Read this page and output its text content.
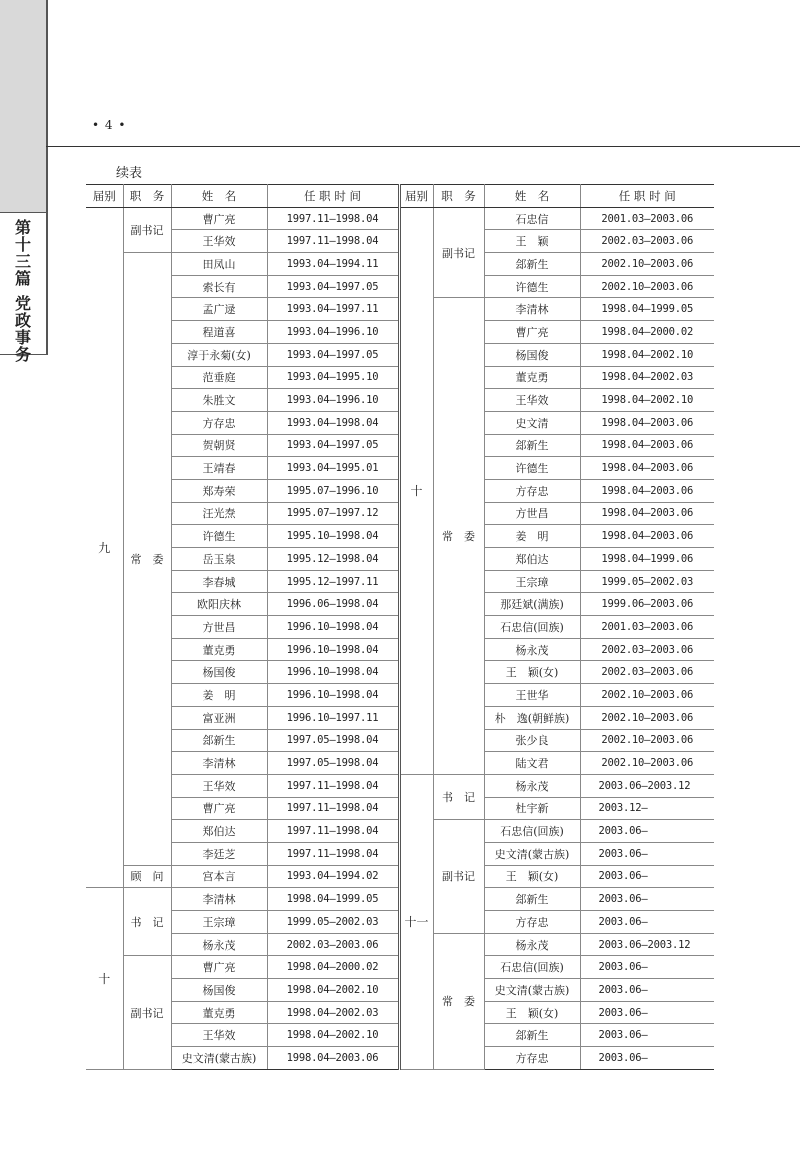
第
十
三
篇
党
政
事
务
• 4 •
续表
届别	职　务	姓　名	任 职 时 间	届别	职　务	姓　名	任 职 时 间
九	副书记	曹广亮	1997.11—1998.04	十	副书记	石忠信	2001.03—2003.06
		王华效	1997.11—1998.04			王　颖	2002.03—2003.06
	常　委	田凤山	1993.04—1994.11			郐新生	2002.10—2003.06
		索长有	1993.04—1997.05			许德生	2002.10—2003.06
		孟广逯	1993.04—1997.11		常　委	李清林	1998.04—1999.05
		程道喜	1993.04—1996.10			曹广亮	1998.04—2000.02
		淳于永菊(女)	1993.04—1997.05			杨国俊	1998.04—2002.10
		范垂庭	1993.04—1995.10			董克勇	1998.04—2002.03
		朱胜文	1993.04—1996.10			王华效	1998.04—2002.10
		方存忠	1993.04—1998.04			史文清	1998.04—2003.06
		贺朝贤	1993.04—1997.05			郐新生	1998.04—2003.06
		王靖春	1993.04—1995.01			许德生	1998.04—2003.06
		郑寿荣	1995.07—1996.10			方存忠	1998.04—2003.06
		汪光焘	1995.07—1997.12			方世昌	1998.04—2003.06
		许德生	1995.10—1998.04			姜　明	1998.04—2003.06
		岳玉泉	1995.12—1998.04			郑伯达	1998.04—1999.06
		李春城	1995.12—1997.11			王宗璋	1999.05—2002.03
		欧阳庆林	1996.06—1998.04			那廷斌(满族)	1999.06—2003.06
		方世昌	1996.10—1998.04			石忠信(回族)	2001.03—2003.06
		董克勇	1996.10—1998.04			杨永茂	2002.03—2003.06
		杨国俊	1996.10—1998.04			王　颖(女)	2002.03—2003.06
		姜　明	1996.10—1998.04			王世华	2002.10—2003.06
		富亚洲	1996.10—1997.11			朴　逸(朝鲜族)	2002.10—2003.06
		郐新生	1997.05—1998.04			张少良	2002.10—2003.06
		李清林	1997.05—1998.04			陆文君	2002.10—2003.06
		王华效	1997.11—1998.04	十一	书　记	杨永茂	2003.06—2003.12
		曹广亮	1997.11—1998.04			杜宇新	2003.12—
		郑伯达	1997.11—1998.04		副书记	石忠信(回族)	2003.06—
		李廷芝	1997.11—1998.04			史文清(蒙古族)	2003.06—
	顾　问	宫本言	1993.04—1994.02			王　颖(女)	2003.06—
十	书　记	李清林	1998.04—1999.05			郐新生	2003.06—
		王宗璋	1999.05—2002.03			方存忠	2003.06—
		杨永茂	2002.03—2003.06		常　委	杨永茂	2003.06—2003.12
	副书记	曹广亮	1998.04—2000.02			石忠信(回族)	2003.06—
		杨国俊	1998.04—2002.10			史文清(蒙古族)	2003.06—
		董克勇	1998.04—2002.03			王　颖(女)	2003.06—
		王华效	1998.04—2002.10			郐新生	2003.06—
		史文清(蒙古族)	1998.04—2003.06			方存忠	2003.06—
